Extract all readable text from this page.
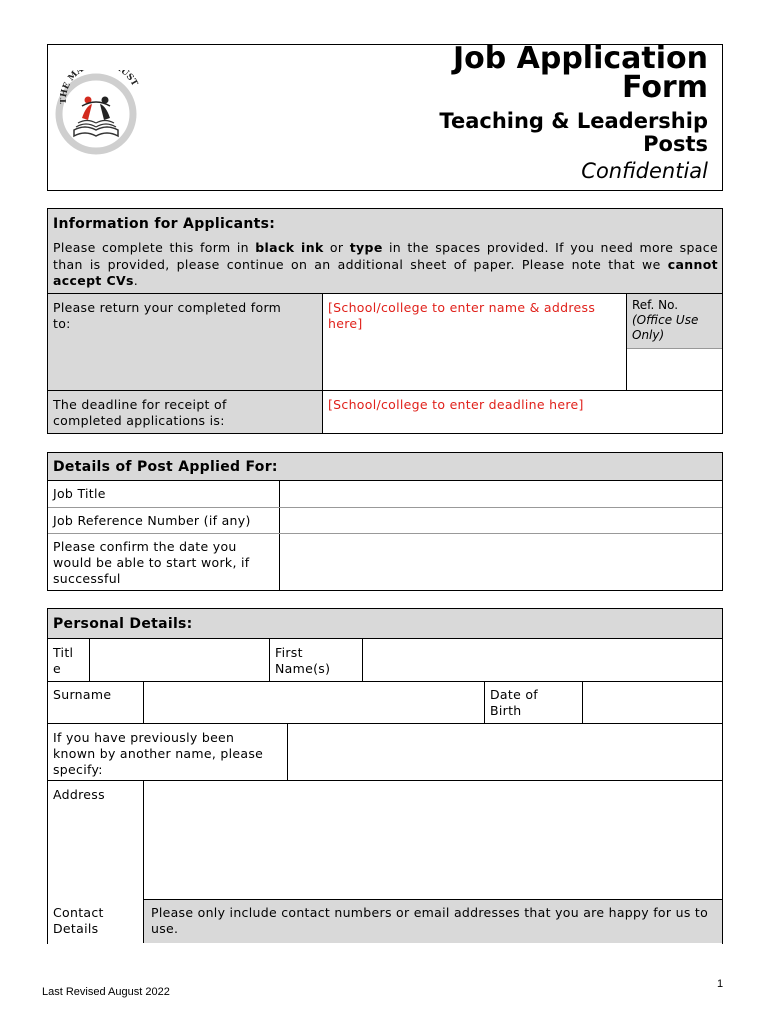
HE MA UST
Job Application
Form
Teaching & Leadership
Posts
Confidential
Information for Applicants:
Please complete this form in black ink or type in the spaces provided. If you need more space than is provided, please continue on an additional sheet of paper. Please note that we cannot accept CVs.
Please return your completed form to:
[School/college to enter name & address here]
Ref. No.
(Office Use Only)
The deadline for receipt of completed applications is:
[School/college to enter deadline here]
Details of Post Applied For:
Job Title
Job Reference Number (if any)
Please confirm the date you would be able to start work, if successful
Personal Details:
Titl
e
First
Name(s)
Surname	Date of
Birth
If you have previously been known by another name, please specify:
Address
Contact
Details
Please only include contact numbers or email addresses that you are happy for us to use.
Last Revised August 2022
1
